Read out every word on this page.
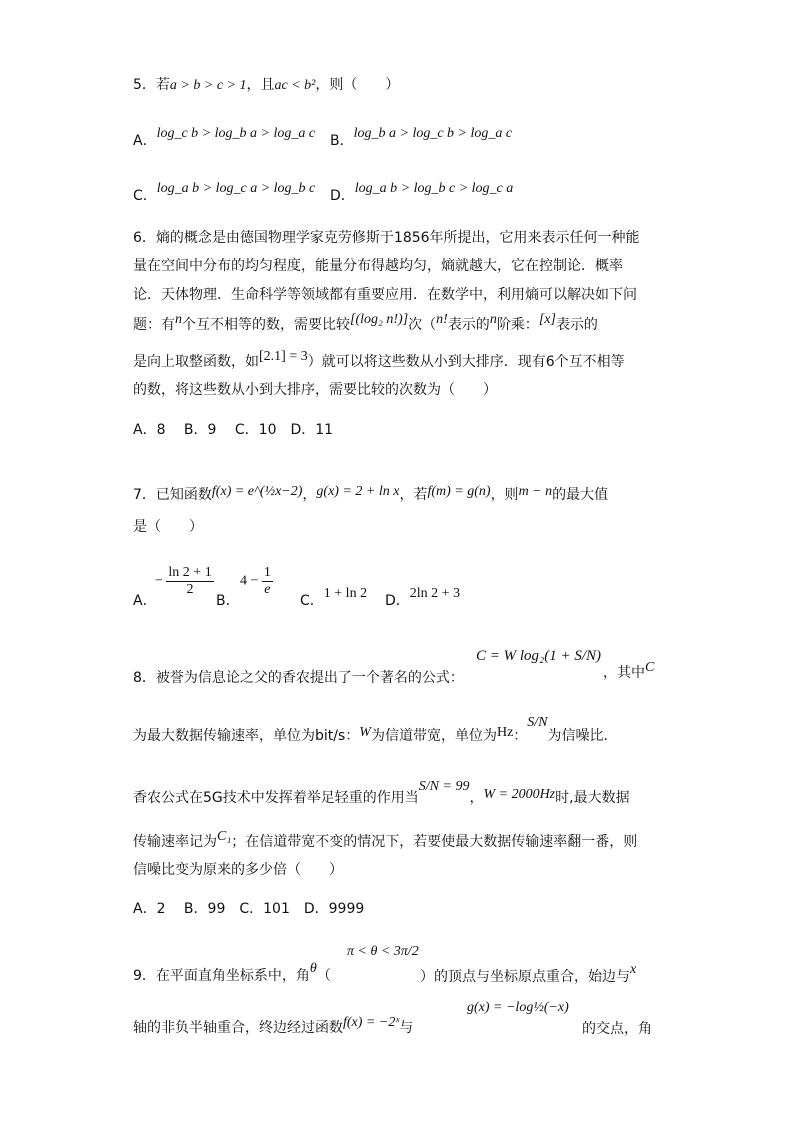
5．若a > b > c > 1，且ac < b²，则（　　）
A．log_c b > log_b a > log_a c B．log_b a > log_c b > log_a c
C．log_a b > log_c a > log_b c D．log_a b > log_b c > log_c a
6．熵的概念是由德国物理学家克劳修斯于1856年所提出，它用来表示任何一种能
量在空间中分布的均匀程度，能量分布得越均匀，熵就越大，它在控制论．概率
论．天体物理．生命科学等领域都有重要应用．在数学中，利用熵可以解决如下问
题：有n个互不相等的数，需要比较[(log₂ n!)]次（n!表示的n阶乘：[x]表示的
是向上取整函数，如[2.1] = 3）就可以将这些数从小到大排序．现有6个互不相等
的数，将这些数从小到大排序，需要比较的次数为（　　）
A．8　 B．9　 C．10　D．11
7．已知函数f(x) = e^(½x−2)，g(x) = 2 + ln x，若f(m) = g(n)，则m − n的最大值
是（　　）
A．
− $\frac{\ln 2 + 1}{2}$
B．
$4 - \frac{1}{e}$
C．1 + ln 2 D．2ln 2 + 3
C = W log₂(1 + S/N)
8．被誉为信息论之父的香农提出了一个著名的公式：	，其中C
为最大数据传输速率，单位为bit/s：W为信道带宽，单位为Hz：S/N为信噪比.
香农公式在5G技术中发挥着举足轻重的作用当S/N = 99，W = 2000Hz时,最大数据
传输速率记为C₁；在信道带宽不变的情况下，若要使最大数据传输速率翻一番，则
信噪比变为原来的多少倍（　　）
A．2　 B．99　C．101　D．9999
π < θ < 3π/2
9．在平面直角坐标系中，角θ（	）的顶点与坐标原点重合，始边与x
g(x) = −log½(−x)
轴的非负半轴重合，终边经过函数f(x) = −2ˣ与	的交点，角
